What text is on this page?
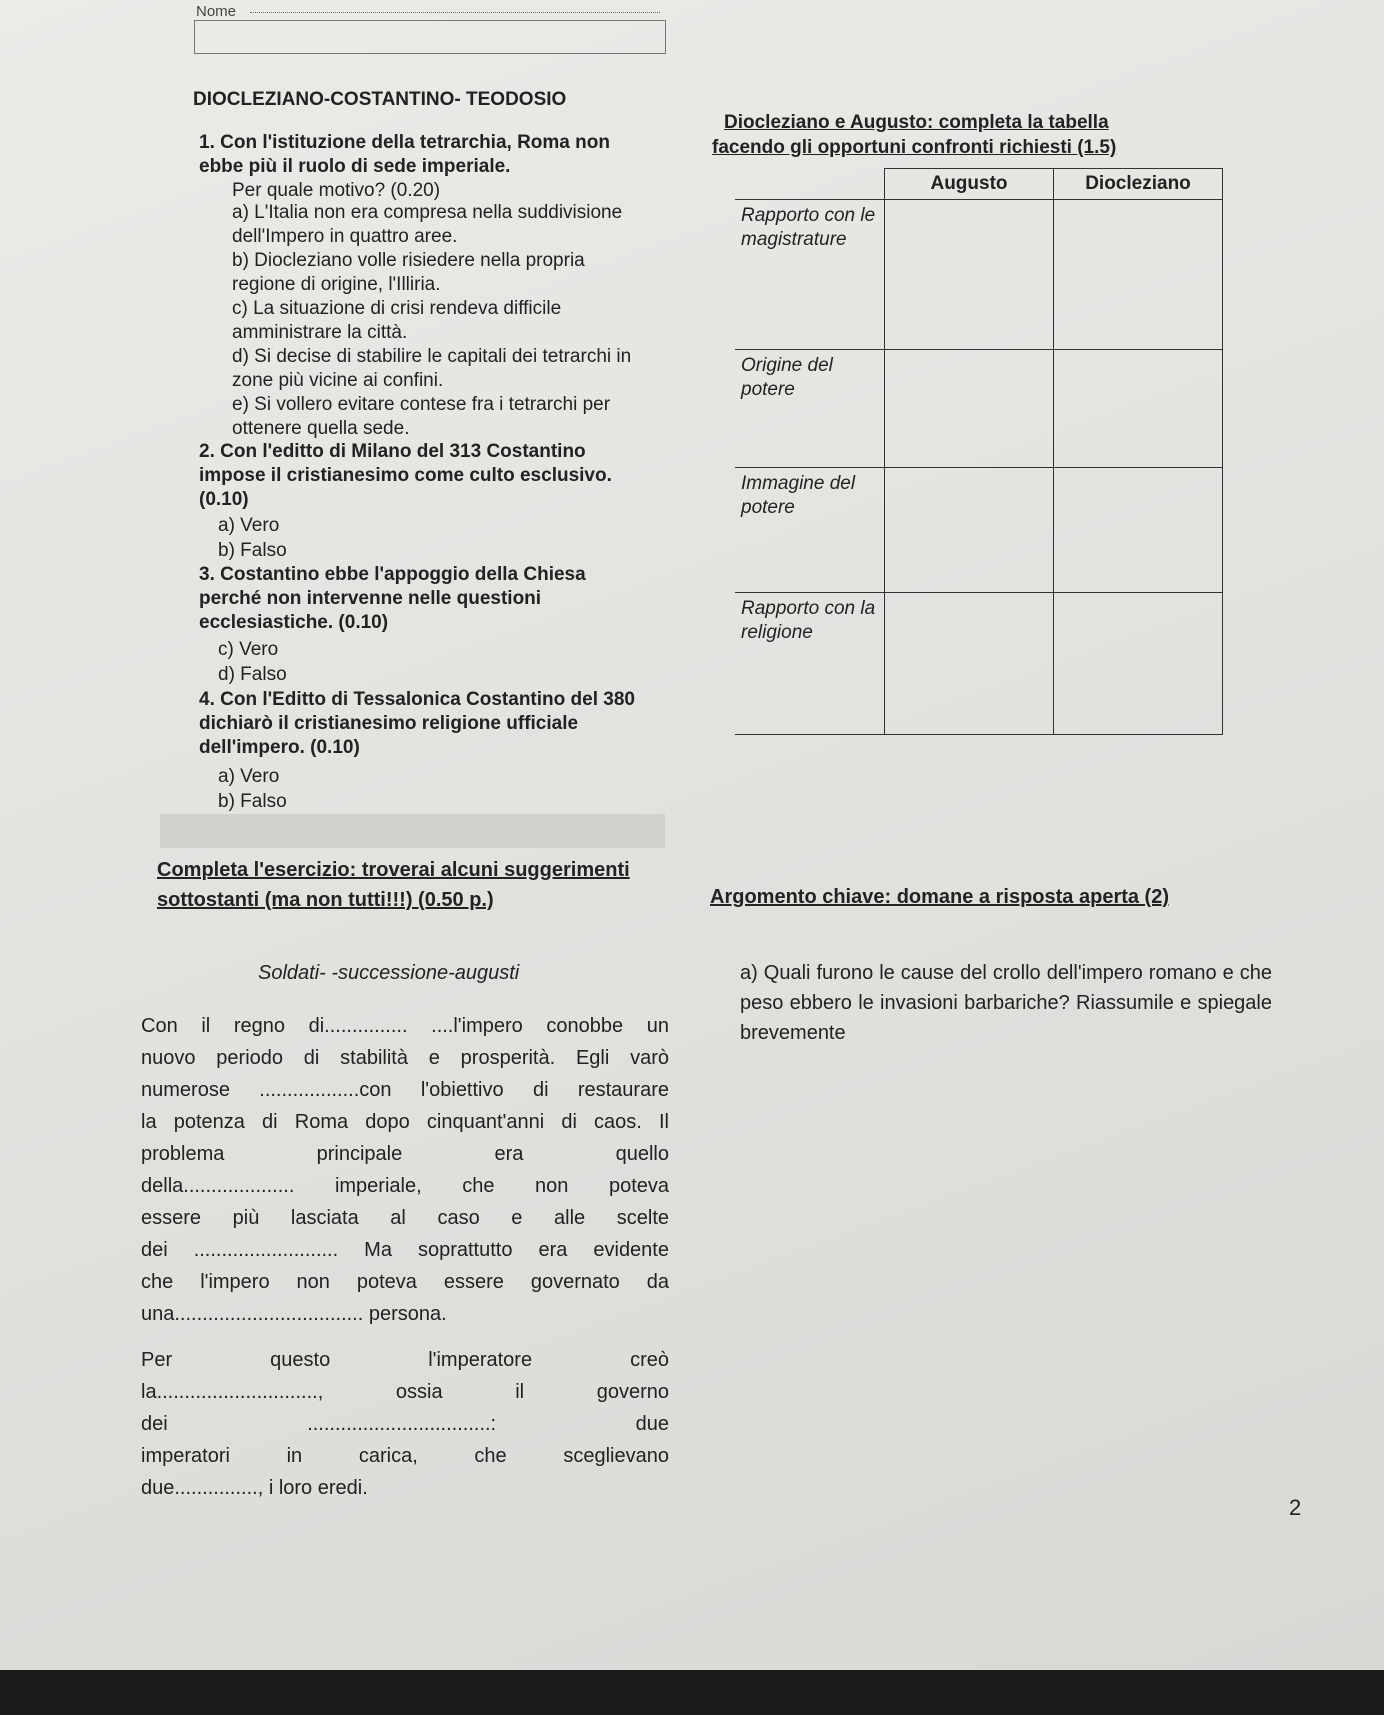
Nome
DIOCLEZIANO-COSTANTINO- TEODOSIO
1. Con l'istituzione della tetrarchia, Roma non ebbe più il ruolo di sede imperiale.
Per quale motivo? (0.20)
a) L'Italia non era compresa nella suddivisione dell'Impero in quattro aree.
b) Diocleziano volle risiedere nella propria regione di origine, l'Illiria.
c) La situazione di crisi rendeva difficile amministrare la città.
d) Si decise di stabilire le capitali dei tetrarchi in zone più vicine ai confini.
e) Si vollero evitare contese fra i tetrarchi per ottenere quella sede.
2. Con l'editto di Milano del 313 Costantino impose il cristianesimo come culto esclusivo. (0.10)
a) Vero
b) Falso
3. Costantino ebbe l'appoggio della Chiesa perché non intervenne nelle questioni ecclesiastiche. (0.10)
c) Vero
d) Falso
4. Con l'Editto di Tessalonica Costantino del 380 dichiarò il cristianesimo religione ufficiale dell'impero. (0.10)
a) Vero
b) Falso
Diocleziano e Augusto: completa la tabella
facendo gli opportuni confronti richiesti (1.5)
	Augusto	Diocleziano
Rapporto con le magistrature		
Origine del potere		
Immagine del potere		
Rapporto con la religione		
Completa l'esercizio: troverai alcuni suggerimenti sottostanti (ma non tutti!!!) (0.50 p.)
Soldati- -successione-augusti
Con il regno di............... ....l'impero conobbe un
nuovo periodo di stabilità e prosperità. Egli varò
numerose ..................con l'obiettivo di restaurare
la potenza di Roma dopo cinquant'anni di caos. Il
problema principale era quello
della.................... imperiale, che non poteva
essere più lasciata al caso e alle scelte
dei .......................... Ma soprattutto era evidente
che l'impero non poteva essere governato da
una.................................. persona.
Per questo l'imperatore creò
la............................., ossia il governo
dei .................................: due
imperatori in carica, che sceglievano
due..............., i loro eredi.
Argomento chiave: domane a risposta aperta (2)
a) Quali furono le cause del crollo dell'impero romano e che peso ebbero le invasioni barbariche? Riassumile e spiegale brevemente
2
